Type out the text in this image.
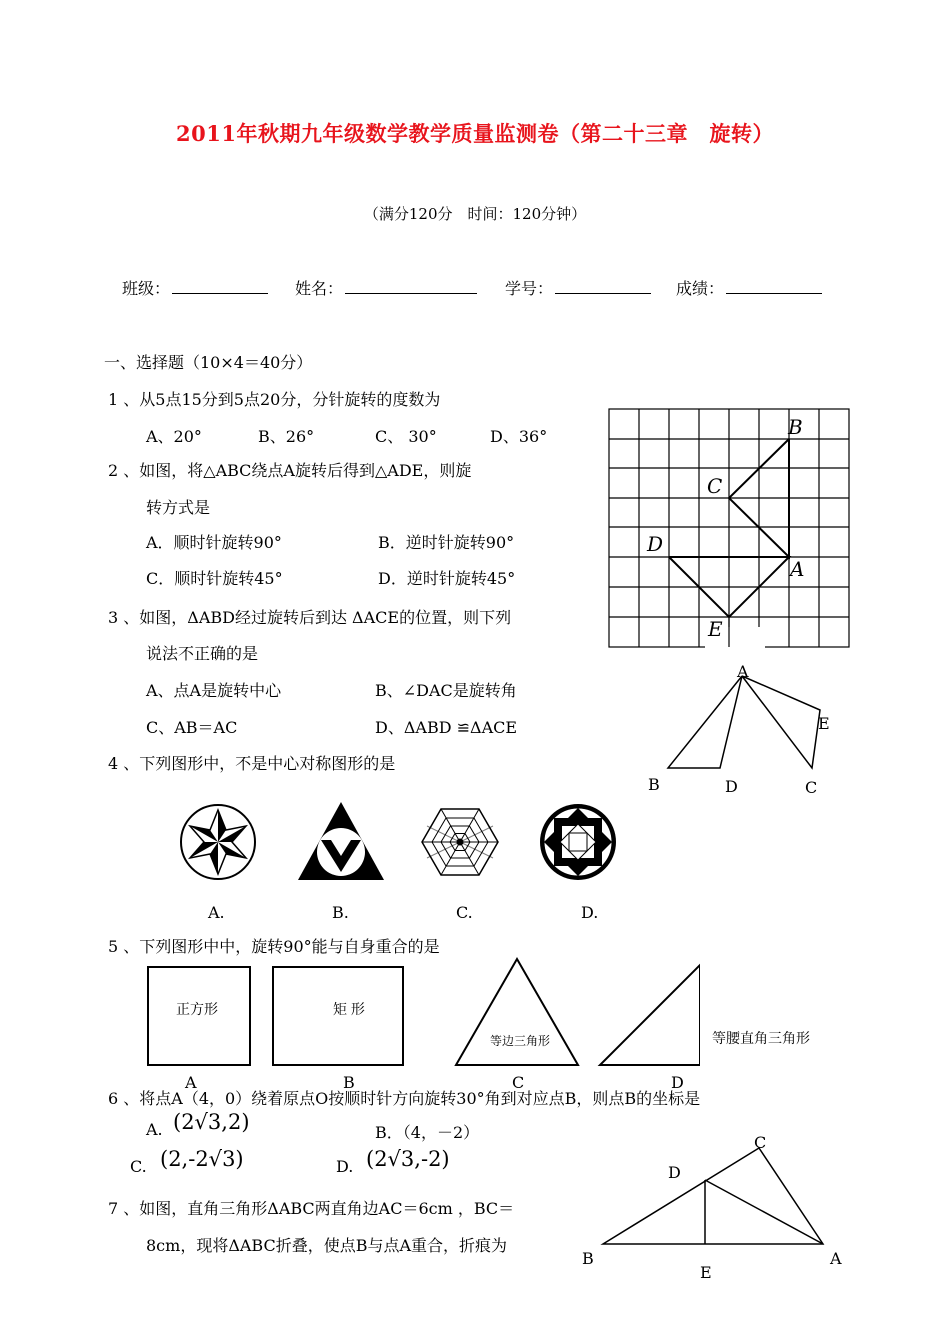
2011年秋期九年级数学教学质量监测卷（第二十三章　旋转）
（满分120分　时间：120分钟）
班级：	姓名：	学号：	成绩：
一、选择题（10×4＝40分）
1 、从5点15分到5点20分，分针旋转的度数为
A、20°	B、26°	C、 30°	D、36°
2 、如图，将△ABC绕点A旋转后得到△ADE，则旋
转方式是
A．顺时针旋转90°	B．逆时针旋转90°
C．顺时针旋转45°	D．逆时针旋转45°
3 、如图，ΔABD经过旋转后到达 ΔACE的位置，则下列
说法不正确的是
A、点A是旋转中心	B、∠DAC是旋转角
C、AB＝AC	D、ΔABD ≌ΔACE
4 、下列图形中，不是中心对称图形的是
A.	B.	C.	D.
5 、下列图形中中，旋转90°能与自身重合的是
正方形	矩 形
等边三角形	等腰直角三角形
A	B	C	D
6 、将点A（4，0）绕着原点O按顺时针方向旋转30°角到对应点B，则点B的坐标是
A. (2√3,2)	B．（4，－2）
C. (2,-2√3)	D. (2√3,-2)
7 、如图，直角三角形ΔABC两直角边AC＝6cm ，BC＝
8cm，现将ΔABC折叠，使点B与点A重合，折痕为
B
C
D
A
E
A
B	D	C
E
C
D
B	A
E
